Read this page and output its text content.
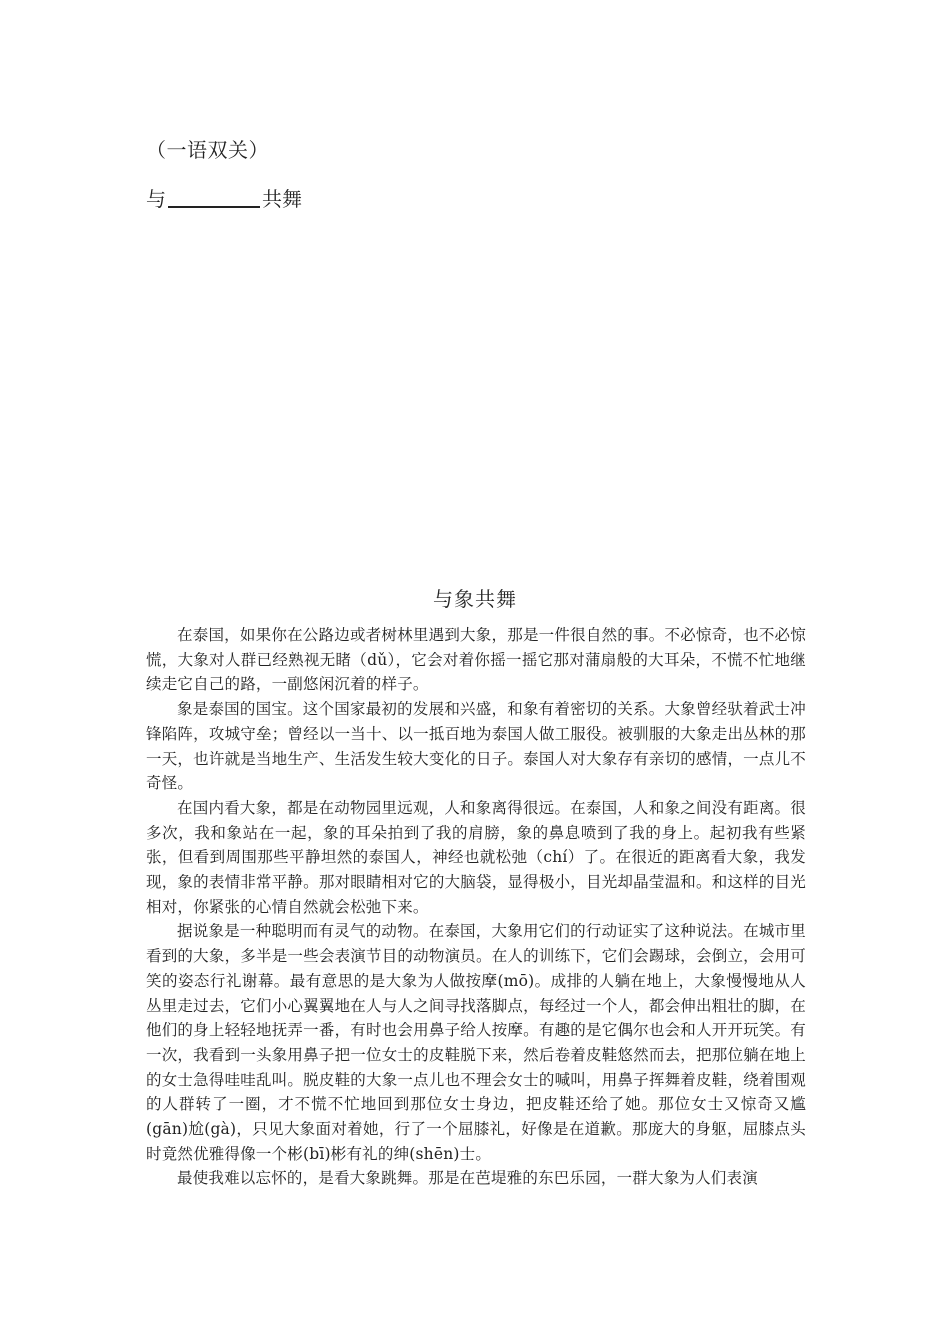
（一语双关）
与	共舞
与象共舞

在泰国，如果你在公路边或者树林里遇到大象，那是一件很自然的事。不必惊奇，也不必惊慌，大象对人群已经熟视无睹（dǔ），它会对着你摇一摇它那对蒲扇般的大耳朵，不慌不忙地继续走它自己的路，一副悠闲沉着的样子。

象是泰国的国宝。这个国家最初的发展和兴盛，和象有着密切的关系。大象曾经驮着武士冲锋陷阵，攻城守垒；曾经以一当十、以一抵百地为泰国人做工服役。被驯服的大象走出丛林的那一天，也许就是当地生产、生活发生较大变化的日子。泰国人对大象存有亲切的感情，一点儿不奇怪。

在国内看大象，都是在动物园里远观，人和象离得很远。在泰国，人和象之间没有距离。很多次，我和象站在一起，象的耳朵拍到了我的肩膀，象的鼻息喷到了我的身上。起初我有些紧张，但看到周围那些平静坦然的泰国人，神经也就松弛（chí）了。在很近的距离看大象，我发现，象的表情非常平静。那对眼睛相对它的大脑袋，显得极小，目光却晶莹温和。和这样的目光相对，你紧张的心情自然就会松弛下来。

据说象是一种聪明而有灵气的动物。在泰国，大象用它们的行动证实了这种说法。在城市里看到的大象，多半是一些会表演节目的动物演员。在人的训练下，它们会踢球，会倒立，会用可笑的姿态行礼谢幕。最有意思的是大象为人做按摩(mō)。成排的人躺在地上，大象慢慢地从人丛里走过去，它们小心翼翼地在人与人之间寻找落脚点，每经过一个人，都会伸出粗壮的脚，在他们的身上轻轻地抚弄一番，有时也会用鼻子给人按摩。有趣的是它偶尔也会和人开开玩笑。有一次，我看到一头象用鼻子把一位女士的皮鞋脱下来，然后卷着皮鞋悠然而去，把那位躺在地上的女士急得哇哇乱叫。脱皮鞋的大象一点儿也不理会女士的喊叫，用鼻子挥舞着皮鞋，绕着围观的人群转了一圈，才不慌不忙地回到那位女士身边，把皮鞋还给了她。那位女士又惊奇又尴(gān)尬(gà)，只见大象面对着她，行了一个屈膝礼，好像是在道歉。那庞大的身躯，屈膝点头时竟然优雅得像一个彬(bī)彬有礼的绅(shēn)士。

最使我难以忘怀的，是看大象跳舞。那是在芭堤雅的东巴乐园，一群大象为人们表演
